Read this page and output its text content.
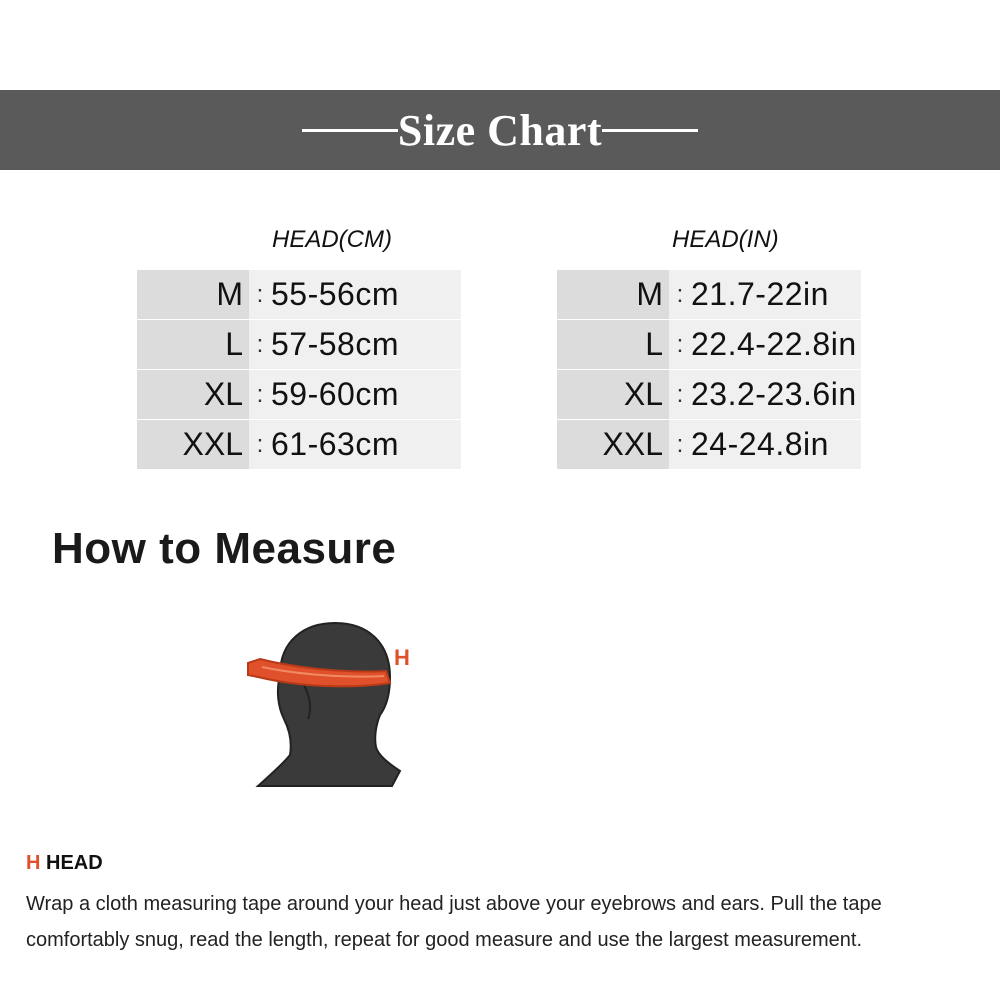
Size Chart
HEAD(CM)
M : 55-56cm
L : 57-58cm
XL : 59-60cm
XXL : 61-63cm
HEAD(IN)
M : 21.7-22in
L : 22.4-22.8in
XL : 23.2-23.6in
XXL : 24-24.8in
How to Measure
H
H HEAD
Wrap a cloth measuring tape around your head just above your eyebrows and ears. Pull the tape
comfortably snug, read the length, repeat for good measure and use the largest measurement.
